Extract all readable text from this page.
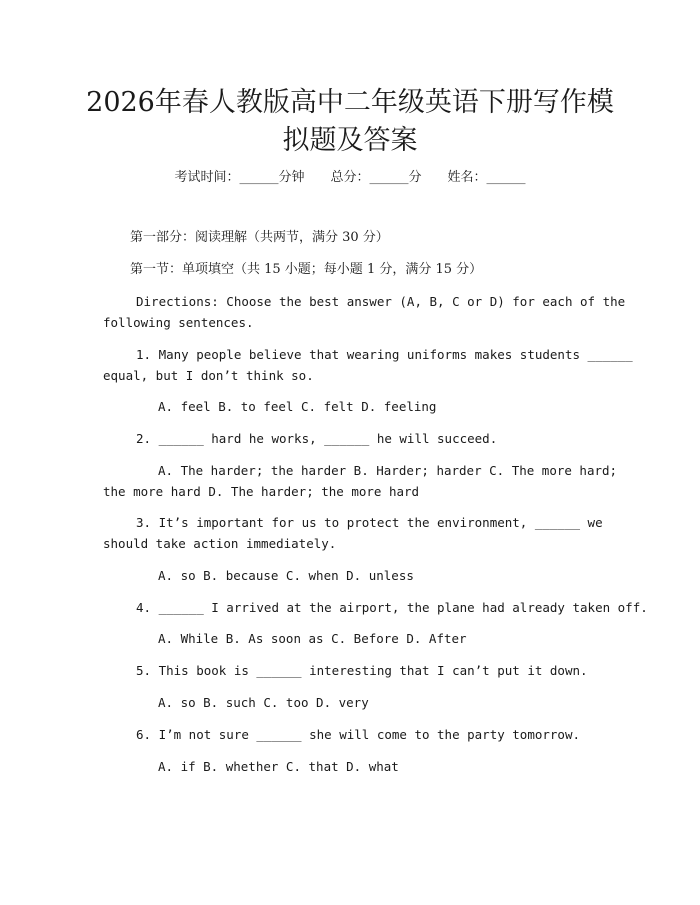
2026年春人教版高中二年级英语下册写作模
拟题及答案
考试时间：______分钟 总分：______分 姓名：______
第一部分：阅读理解（共两节，满分 30 分）
第一节：单项填空（共 15 小题；每小题 1 分，满分 15 分）
Directions: Choose the best answer (A, B, C or D) for each of the
following sentences.
1. Many people believe that wearing uniforms makes students ______
equal, but I don’t think so.
A. feel B. to feel C. felt D. feeling
2. ______ hard he works, ______ he will succeed.
A. The harder; the harder B. Harder; harder C. The more hard;
the more hard D. The harder; the more hard
3. It’s important for us to protect the environment, ______ we
should take action immediately.
A. so B. because C. when D. unless
4. ______ I arrived at the airport, the plane had already taken off.
A. While B. As soon as C. Before D. After
5. This book is ______ interesting that I can’t put it down.
A. so B. such C. too D. very
6. I’m not sure ______ she will come to the party tomorrow.
A. if B. whether C. that D. what
